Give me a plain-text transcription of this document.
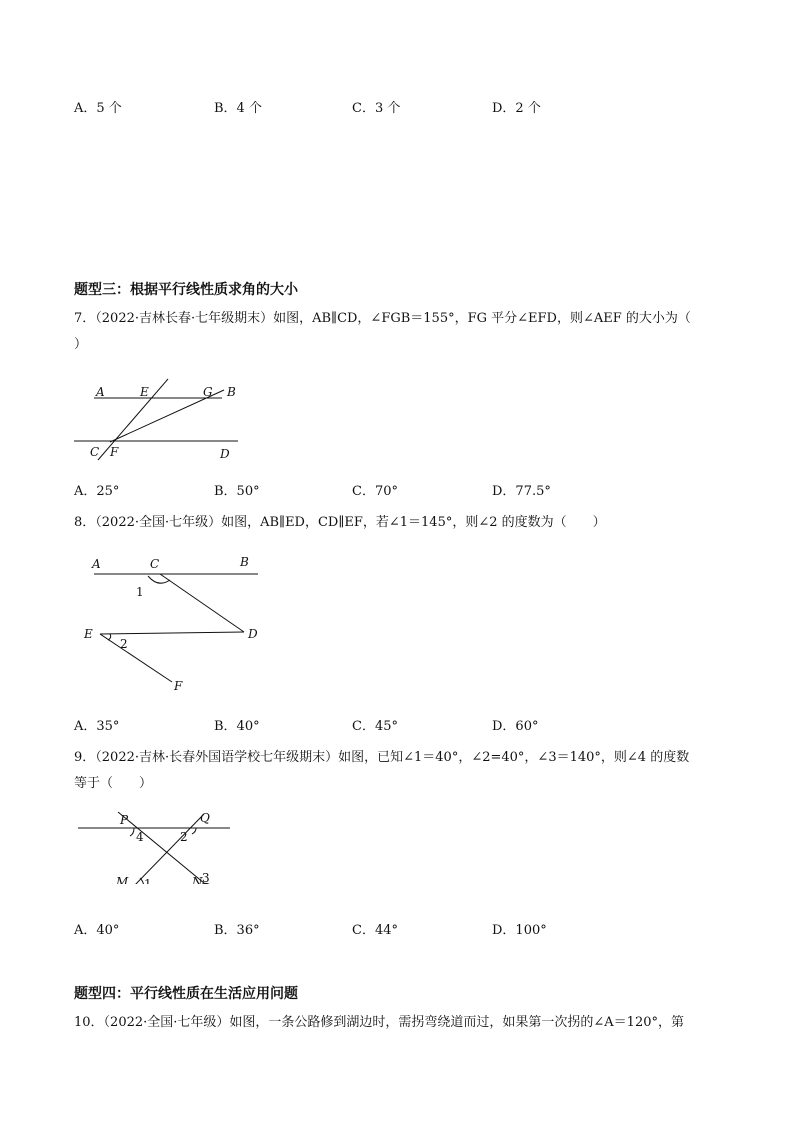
A．5 个	B．4 个	C．3 个	D．2 个
题型三：根据平行线性质求角的大小
7．（2022·吉林长春·七年级期末）如图，AB∥CD，∠FGB＝155°，FG 平分∠EFD，则∠AEF 的大小为（
）
A	E	G B
C F	D
A．25°	B．50°	C．70°	D．77.5°
8．（2022·全国·七年级）如图，AB∥ED，CD∥EF，若∠1＝145°，则∠2 的度数为（　　）
A	C	B
1
E
2
D
F
A．35°	B．40°	C．45°	D．60°
9．（2022·吉林·长春外国语学校七年级期末）如图，已知∠1＝40°，∠2=40°，∠3＝140°，则∠4 的度数
等于（　　）
P	Q
4	2
1	3
M	N
A．40°	B．36°	C．44°	D．100°
题型四：平行线性质在生活应用问题
10．（2022·全国·七年级）如图，一条公路修到湖边时，需拐弯绕道而过，如果第一次拐的∠A＝120°，第
